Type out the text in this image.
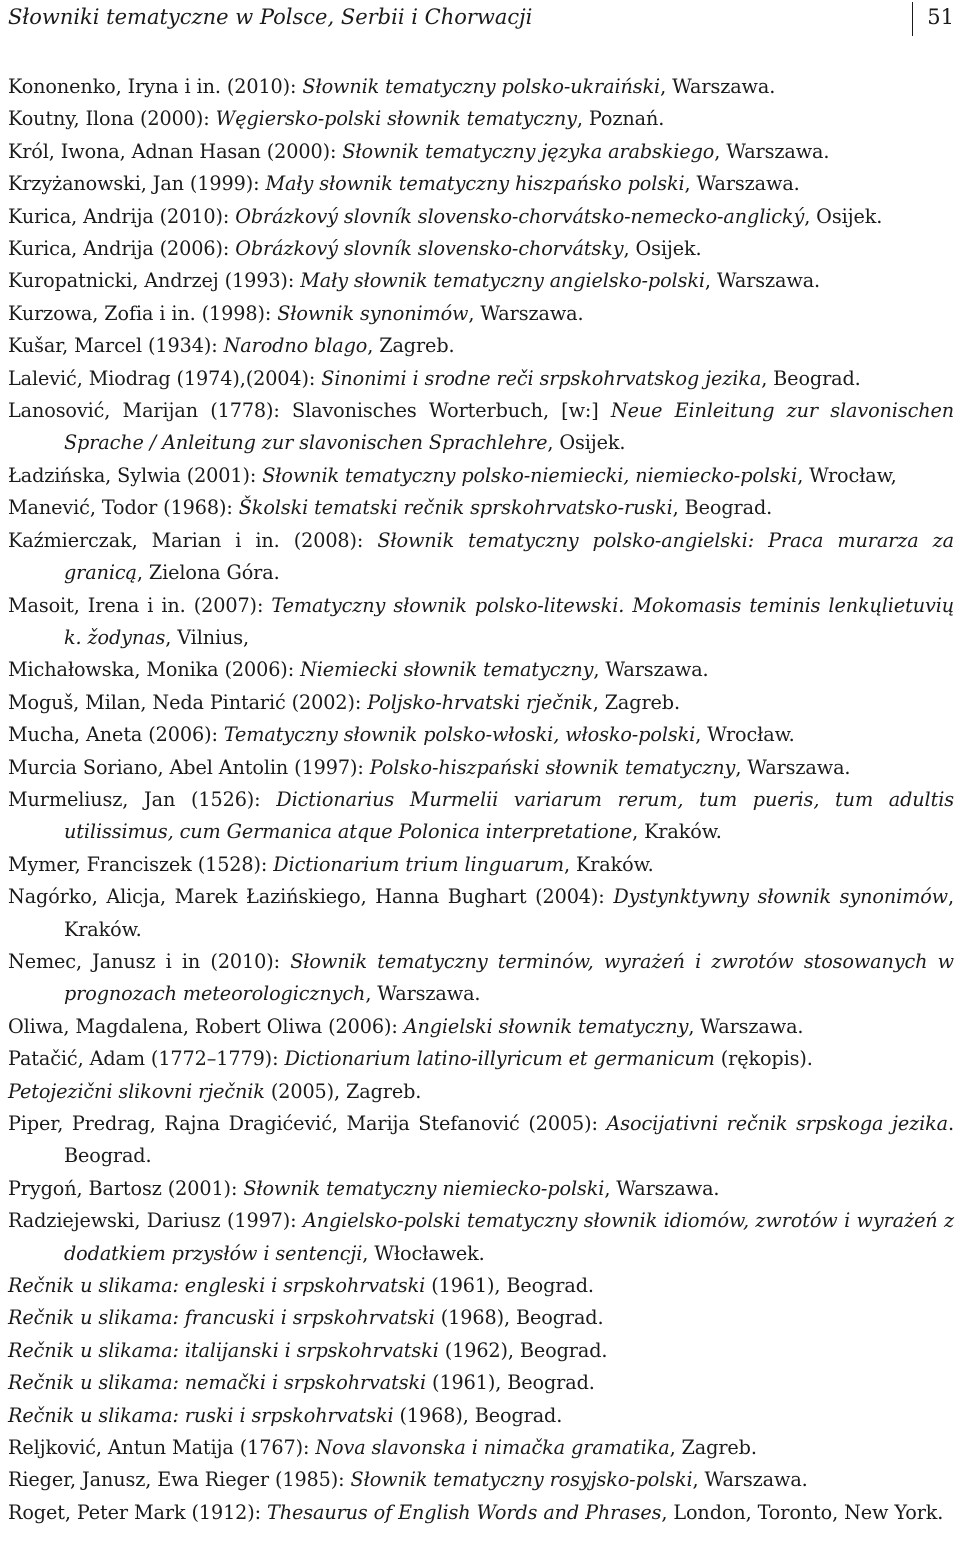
Słowniki tematyczne w Polsce, Serbii i Chorwacji	51
Kononenko, Iryna i in. (2010): Słownik tematyczny polsko-ukraiński, Warszawa.
Koutny, Ilona (2000): Węgiersko-polski słownik tematyczny, Poznań.
Król, Iwona, Adnan Hasan (2000): Słownik tematyczny języka arabskiego, Warszawa.
Krzyżanowski, Jan (1999): Mały słownik tematyczny hiszpańsko polski, Warszawa.
Kurica, Andrija (2010): Obrázkový slovník slovensko-chorvátsko-nemecko-anglický, Osijek.
Kurica, Andrija (2006): Obrázkový slovník slovensko-chorvátsky, Osijek.
Kuropatnicki, Andrzej (1993): Mały słownik tematyczny angielsko-polski, Warszawa.
Kurzowa, Zofia i in. (1998): Słownik synonimów, Warszawa.
Kušar, Marcel (1934): Narodno blago, Zagreb.
Lalević, Miodrag (1974),(2004): Sinonimi i srodne reči srpskohrvatskog jezika, Beograd.
Lanosović, Marijan (1778): Slavonisches Worterbuch, [w:] Neue Einleitung zur slavonischen Sprache / Anleitung zur slavonischen Sprachlehre, Osijek.
Ładzińska, Sylwia (2001): Słownik tematyczny polsko-niemiecki, niemiecko-polski, Wrocław,
Manević, Todor (1968): Školski tematski rečnik sprskohrvatsko-ruski, Beograd.
Kaźmierczak, Marian i in. (2008): Słownik tematyczny polsko-angielski: Praca murarza za granicą, Zielona Góra.
Masoit, Irena i in. (2007): Tematyczny słownik polsko-litewski. Mokomasis teminis lenkųlietuvių k. žodynas, Vilnius,
Michałowska, Monika (2006): Niemiecki słownik tematyczny, Warszawa.
Moguš, Milan, Neda Pintarić (2002): Poljsko-hrvatski rječnik, Zagreb.
Mucha, Aneta (2006): Tematyczny słownik polsko-włoski, włosko-polski, Wrocław.
Murcia Soriano, Abel Antolin (1997): Polsko-hiszpański słownik tematyczny, Warszawa.
Murmeliusz, Jan (1526): Dictionarius Murmelii variarum rerum, tum pueris, tum adultis utilissimus, cum Germanica atque Polonica interpretatione, Kraków.
Mymer, Franciszek (1528): Dictionarium trium linguarum, Kraków.
Nagórko, Alicja, Marek Łazińskiego, Hanna Bughart (2004): Dystynktywny słownik synonimów, Kraków.
Nemec, Janusz i in (2010): Słownik tematyczny terminów, wyrażeń i zwrotów stosowanych w prognozach meteorologicznych, Warszawa.
Oliwa, Magdalena, Robert Oliwa (2006): Angielski słownik tematyczny, Warszawa.
Patačić, Adam (1772–1779): Dictionarium latino-illyricum et germanicum (rękopis).
Petojezični slikovni rječnik (2005), Zagreb.
Piper, Predrag, Rajna Dragićević, Marija Stefanović (2005): Asocijativni rečnik srpskoga jezika. Beograd.
Prygoń, Bartosz (2001): Słownik tematyczny niemiecko-polski, Warszawa.
Radziejewski, Dariusz (1997): Angielsko-polski tematyczny słownik idiomów, zwrotów i wyrażeń z dodatkiem przysłów i sentencji, Włocławek.
Rečnik u slikama: engleski i srpskohrvatski (1961), Beograd.
Rečnik u slikama: francuski i srpskohrvatski (1968), Beograd.
Rečnik u slikama: italijanski i srpskohrvatski (1962), Beograd.
Rečnik u slikama: nemački i srpskohrvatski (1961), Beograd.
Rečnik u slikama: ruski i srpskohrvatski (1968), Beograd.
Reljković, Antun Matija (1767): Nova slavonska i nimačka gramatika, Zagreb.
Rieger, Janusz, Ewa Rieger (1985): Słownik tematyczny rosyjsko-polski, Warszawa.
Roget, Peter Mark (1912): Thesaurus of English Words and Phrases, London, Toronto, New York.
